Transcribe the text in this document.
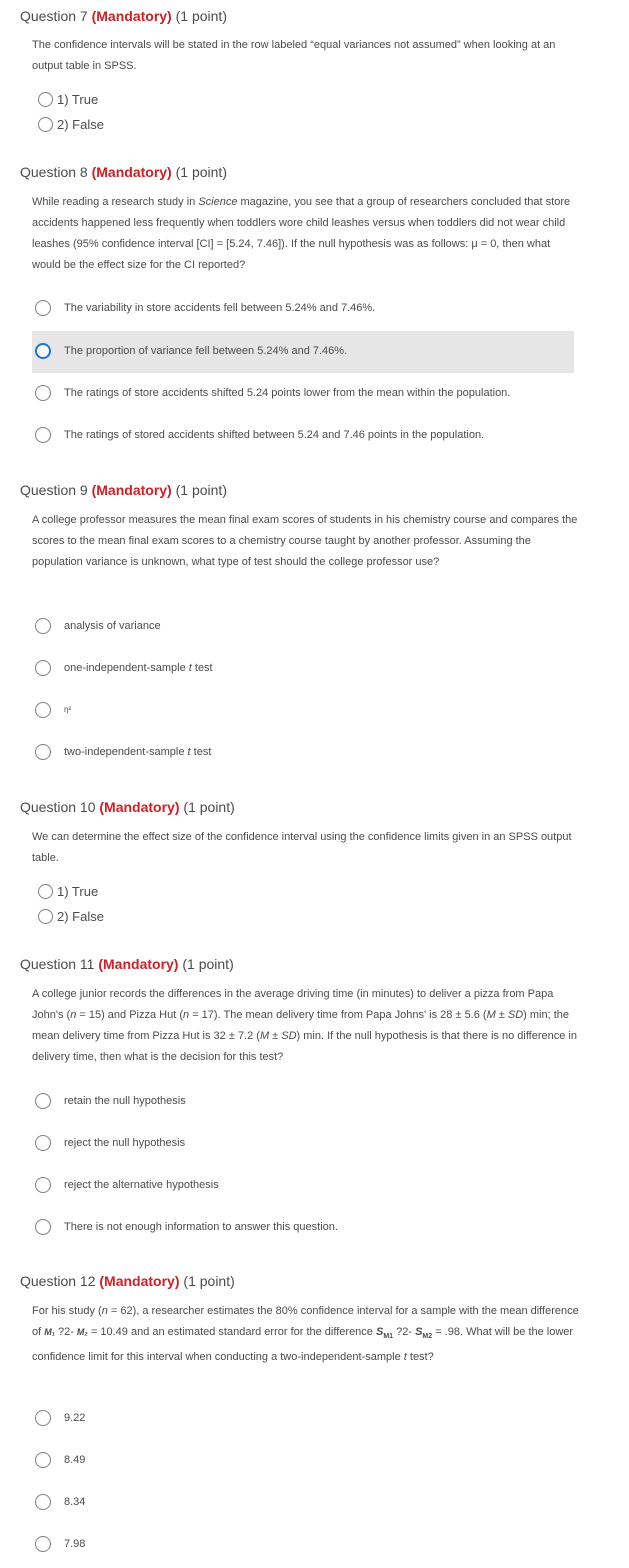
Question 7 (Mandatory) (1 point)
The confidence intervals will be stated in the row labeled “equal variances not assumed” when looking at an output table in SPSS.
1) True
2) False
Question 8 (Mandatory) (1 point)
While reading a research study in Science magazine, you see that a group of researchers concluded that store accidents happened less frequently when toddlers wore child leashes versus when toddlers did not wear child leashes (95% confidence interval [CI] = [5.24, 7.46]). If the null hypothesis was as follows: μ = 0, then what would be the effect size for the CI reported?
The variability in store accidents fell between 5.24% and 7.46%.
The proportion of variance fell between 5.24% and 7.46%.
The ratings of store accidents shifted 5.24 points lower from the mean within the population.
The ratings of stored accidents shifted between 5.24 and 7.46 points in the population.
Question 9 (Mandatory) (1 point)
A college professor measures the mean final exam scores of students in his chemistry course and compares the scores to the mean final exam scores to a chemistry course taught by another professor. Assuming the population variance is unknown, what type of test should the college professor use?
analysis of variance
one-independent-sample t test
η²
two-independent-sample t test
Question 10 (Mandatory) (1 point)
We can determine the effect size of the confidence interval using the confidence limits given in an SPSS output table.
1) True
2) False
Question 11 (Mandatory) (1 point)
A college junior records the differences in the average driving time (in minutes) to deliver a pizza from Papa John's (n = 15) and Pizza Hut (n = 17). The mean delivery time from Papa Johns' is 28 ± 5.6 (M ± SD) min; the mean delivery time from Pizza Hut is 32 ± 7.2 (M ± SD) min. If the null hypothesis is that there is no difference in delivery time, then what is the decision for this test?
retain the null hypothesis
reject the null hypothesis
reject the alternative hypothesis
There is not enough information to answer this question.
Question 12 (Mandatory) (1 point)
For his study (n = 62), a researcher estimates the 80% confidence interval for a sample with the mean difference of M₁ ?2- M₂ = 10.49 and an estimated standard error for the difference $S_{M1}$ ?2- $S_{M2} = .98$. What will be the lower confidence limit for this interval when conducting a two-independent-sample t test?
9.22
8.49
8.34
7.98
